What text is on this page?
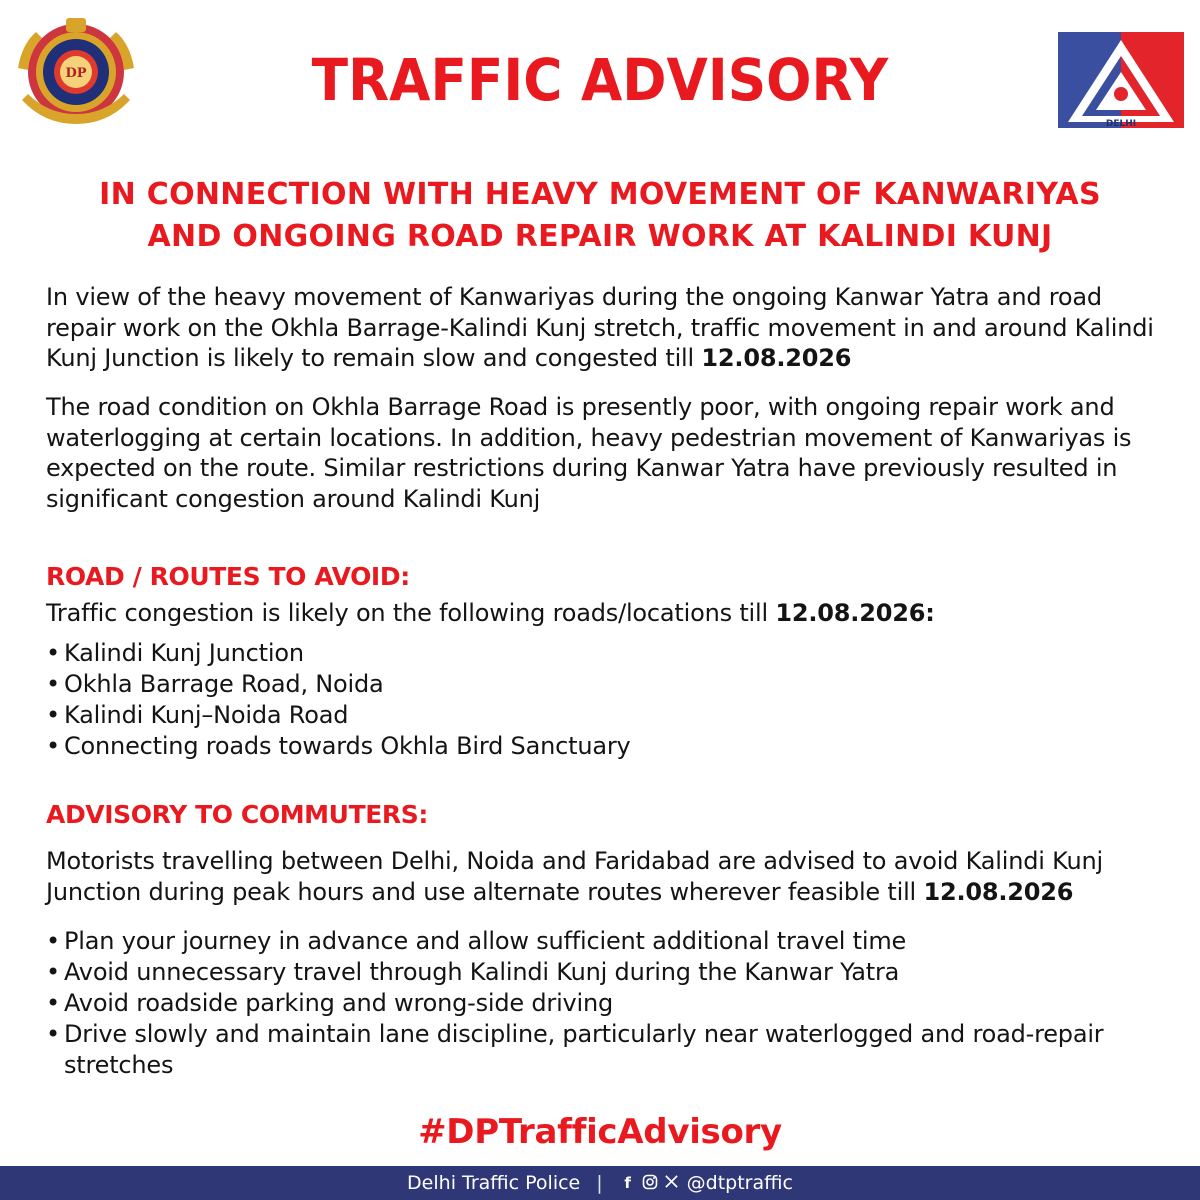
DP	TRAFFIC ADVISORY
DELHI
IN CONNECTION WITH HEAVY MOVEMENT OF KANWARIYAS
AND ONGOING ROAD REPAIR WORK AT KALINDI KUNJ
In view of the heavy movement of Kanwariyas during the ongoing Kanwar Yatra and road repair work on the Okhla Barrage-Kalindi Kunj stretch, traffic movement in and around Kalindi Kunj Junction is likely to remain slow and congested till 12.08.2026
The road condition on Okhla Barrage Road is presently poor, with ongoing repair work and waterlogging at certain locations. In addition, heavy pedestrian movement of Kanwariyas is expected on the route. Similar restrictions during Kanwar Yatra have previously resulted in significant congestion around Kalindi Kunj
ROAD / ROUTES TO AVOID:
Traffic congestion is likely on the following roads/locations till 12.08.2026:
• Kalindi Kunj Junction
• Okhla Barrage Road, Noida
• Kalindi Kunj–Noida Road
• Connecting roads towards Okhla Bird Sanctuary
ADVISORY TO COMMUTERS:
Motorists travelling between Delhi, Noida and Faridabad are advised to avoid Kalindi Kunj Junction during peak hours and use alternate routes wherever feasible till 12.08.2026
• Plan your journey in advance and allow sufficient additional travel time
• Avoid unnecessary travel through Kalindi Kunj during the Kanwar Yatra
• Avoid roadside parking and wrong-side driving
• Drive slowly and maintain lane discipline, particularly near waterlogged and road-repair stretches
#DPTrafficAdvisory
Delhi Traffic Police |	f	@dtptraffic
